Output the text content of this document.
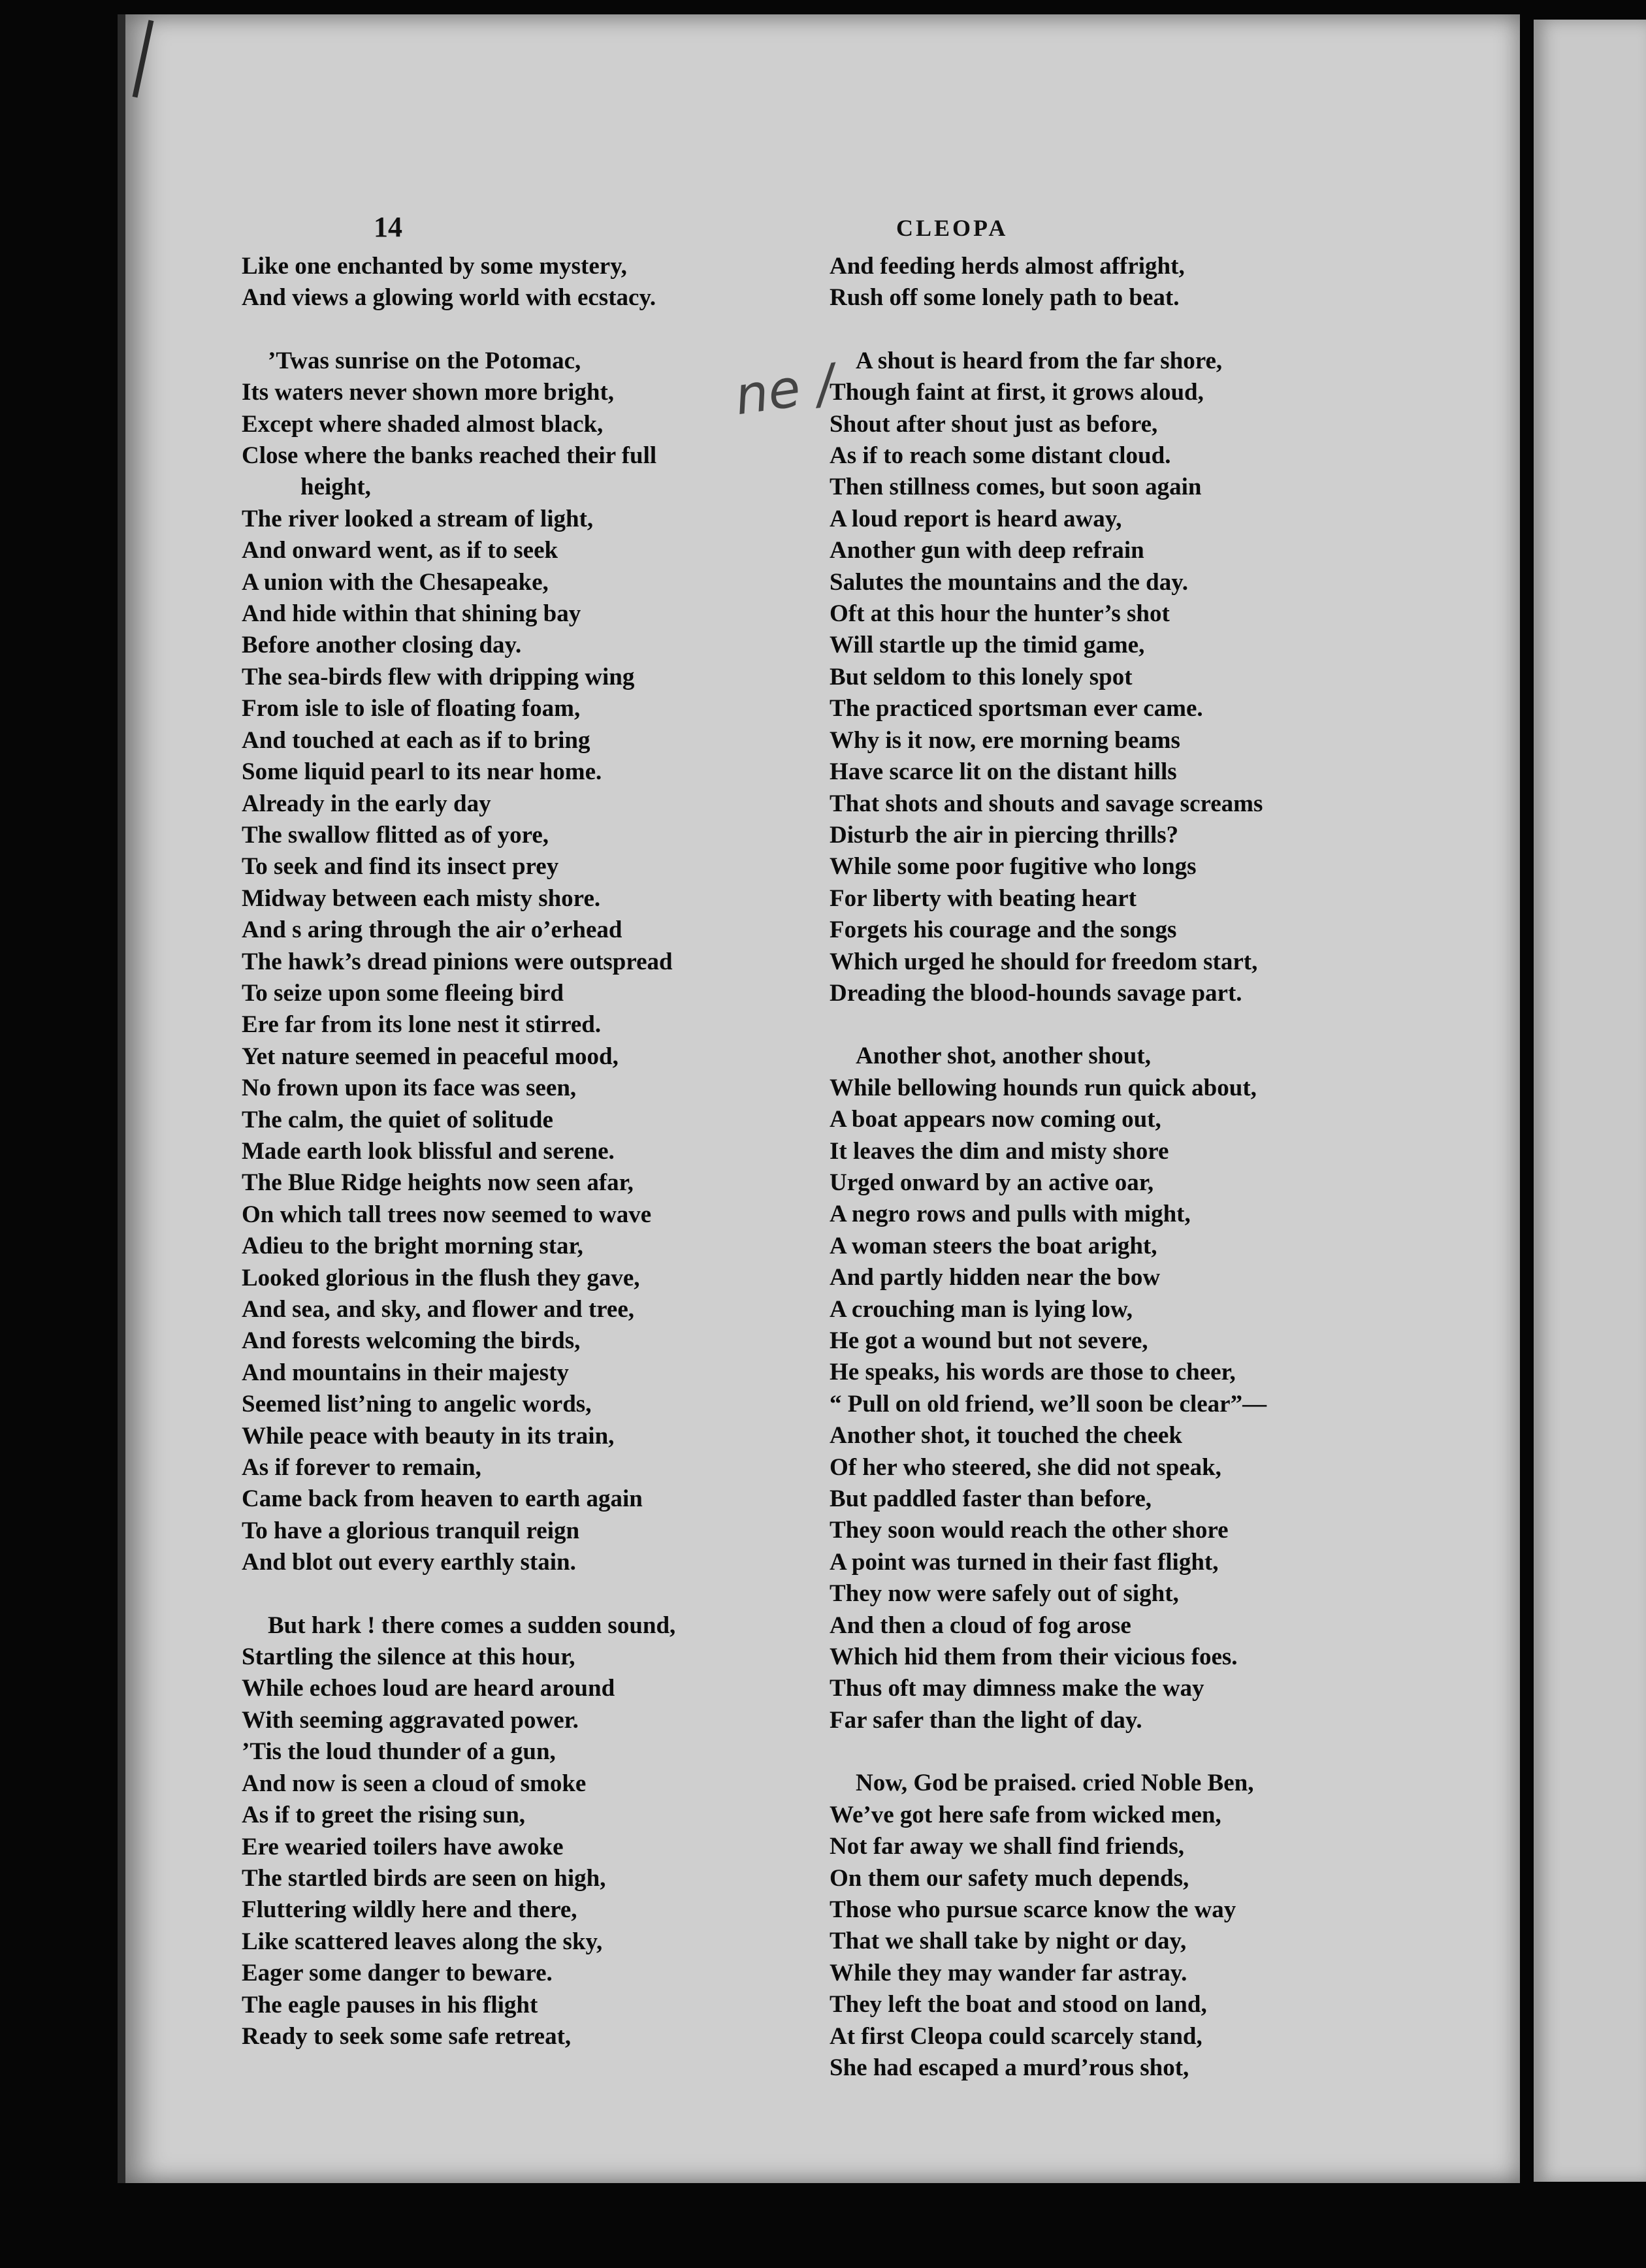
14	CLEOPA
ne /
Like one enchanted by some mystery,
And views a glowing world with ecstacy.
’Twas sunrise on the Potomac,
Its waters never shown more bright,
Except where shaded almost black,
Close where the banks reached their full
height,
The river looked a stream of light,
And onward went, as if to seek
A union with the Chesapeake,
And hide within that shining bay
Before another closing day.
The sea-birds flew with dripping wing
From isle to isle of floating foam,
And touched at each as if to bring
Some liquid pearl to its near home.
Already in the early day
The swallow flitted as of yore,
To seek and find its insect prey
Midway between each misty shore.
And s aring through the air o’erhead
The hawk’s dread pinions were outspread
To seize upon some fleeing bird
Ere far from its lone nest it stirred.
Yet nature seemed in peaceful mood,
No frown upon its face was seen,
The calm, the quiet of solitude
Made earth look blissful and serene.
The Blue Ridge heights now seen afar,
On which tall trees now seemed to wave
Adieu to the bright morning star,
Looked glorious in the flush they gave,
And sea, and sky, and flower and tree,
And forests welcoming the birds,
And mountains in their majesty
Seemed list’ning to angelic words,
While peace with beauty in its train,
As if forever to remain,
Came back from heaven to earth again
To have a glorious tranquil reign
And blot out every earthly stain.
But hark ! there comes a sudden sound,
Startling the silence at this hour,
While echoes loud are heard around
With seeming aggravated power.
’Tis the loud thunder of a gun,
And now is seen a cloud of smoke
As if to greet the rising sun,
Ere wearied toilers have awoke
The startled birds are seen on high,
Fluttering wildly here and there,
Like scattered leaves along the sky,
Eager some danger to beware.
The eagle pauses in his flight
Ready to seek some safe retreat,
And feeding herds almost affright,
Rush off some lonely path to beat.
A shout is heard from the far shore,
Though faint at first, it grows aloud,
Shout after shout just as before,
As if to reach some distant cloud.
Then stillness comes, but soon again
A loud report is heard away,
Another gun with deep refrain
Salutes the mountains and the day.
Oft at this hour the hunter’s shot
Will startle up the timid game,
But seldom to this lonely spot
The practiced sportsman ever came.
Why is it now, ere morning beams
Have scarce lit on the distant hills
That shots and shouts and savage screams
Disturb the air in piercing thrills?
While some poor fugitive who longs
For liberty with beating heart
Forgets his courage and the songs
Which urged he should for freedom start,
Dreading the blood-hounds savage part.
Another shot, another shout,
While bellowing hounds run quick about,
A boat appears now coming out,
It leaves the dim and misty shore
Urged onward by an active oar,
A negro rows and pulls with might,
A woman steers the boat aright,
And partly hidden near the bow
A crouching man is lying low,
He got a wound but not severe,
He speaks, his words are those to cheer,
“ Pull on old friend, we’ll soon be clear”—
Another shot, it touched the cheek
Of her who steered, she did not speak,
But paddled faster than before,
They soon would reach the other shore
A point was turned in their fast flight,
They now were safely out of sight,
And then a cloud of fog arose
Which hid them from their vicious foes.
Thus oft may dimness make the way
Far safer than the light of day.
Now, God be praised. cried Noble Ben,
We’ve got here safe from wicked men,
Not far away we shall find friends,
On them our safety much depends,
Those who pursue scarce know the way
That we shall take by night or day,
While they may wander far astray.
They left the boat and stood on land,
At first Cleopa could scarcely stand,
She had escaped a murd’rous shot,
